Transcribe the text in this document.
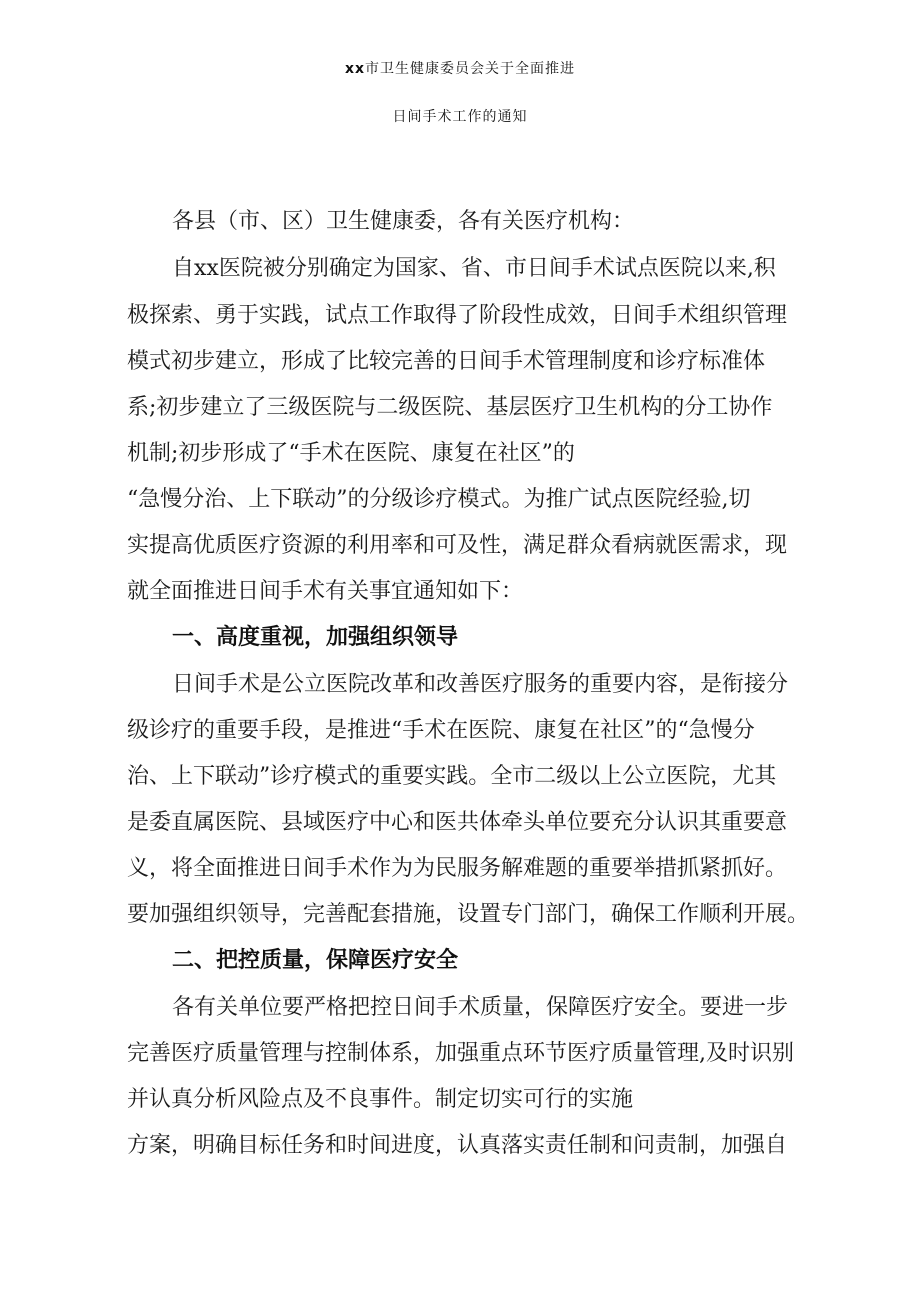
xx市卫生健康委员会关于全面推进
日间手术工作的通知
各县（市、区）卫生健康委，各有关医疗机构：
自xx医院被分别确定为国家、省、市日间手术试点医院以来,积
极探索、勇于实践，试点工作取得了阶段性成效，日间手术组织管理
模式初步建立，形成了比较完善的日间手术管理制度和诊疗标准体
系;初步建立了三级医院与二级医院、基层医疗卫生机构的分工协作
机制;初步形成了“手术在医院、康复在社区”的
“急慢分治、上下联动”的分级诊疗模式。为推广试点医院经验,切
实提高优质医疗资源的利用率和可及性，满足群众看病就医需求，现
就全面推进日间手术有关事宜通知如下：
一、高度重视，加强组织领导
日间手术是公立医院改革和改善医疗服务的重要内容，是衔接分
级诊疗的重要手段，是推进“手术在医院、康复在社区”的“急慢分
治、上下联动”诊疗模式的重要实践。全市二级以上公立医院，尤其
是委直属医院、县域医疗中心和医共体牵头单位要充分认识其重要意
义，将全面推进日间手术作为为民服务解难题的重要举措抓紧抓好。
要加强组织领导，完善配套措施，设置专门部门，确保工作顺利开展。
二、把控质量，保障医疗安全
各有关单位要严格把控日间手术质量，保障医疗安全。要进一步
完善医疗质量管理与控制体系，加强重点环节医疗质量管理,及时识别
并认真分析风险点及不良事件。制定切实可行的实施
方案，明确目标任务和时间进度，认真落实责任制和问责制，加强自
